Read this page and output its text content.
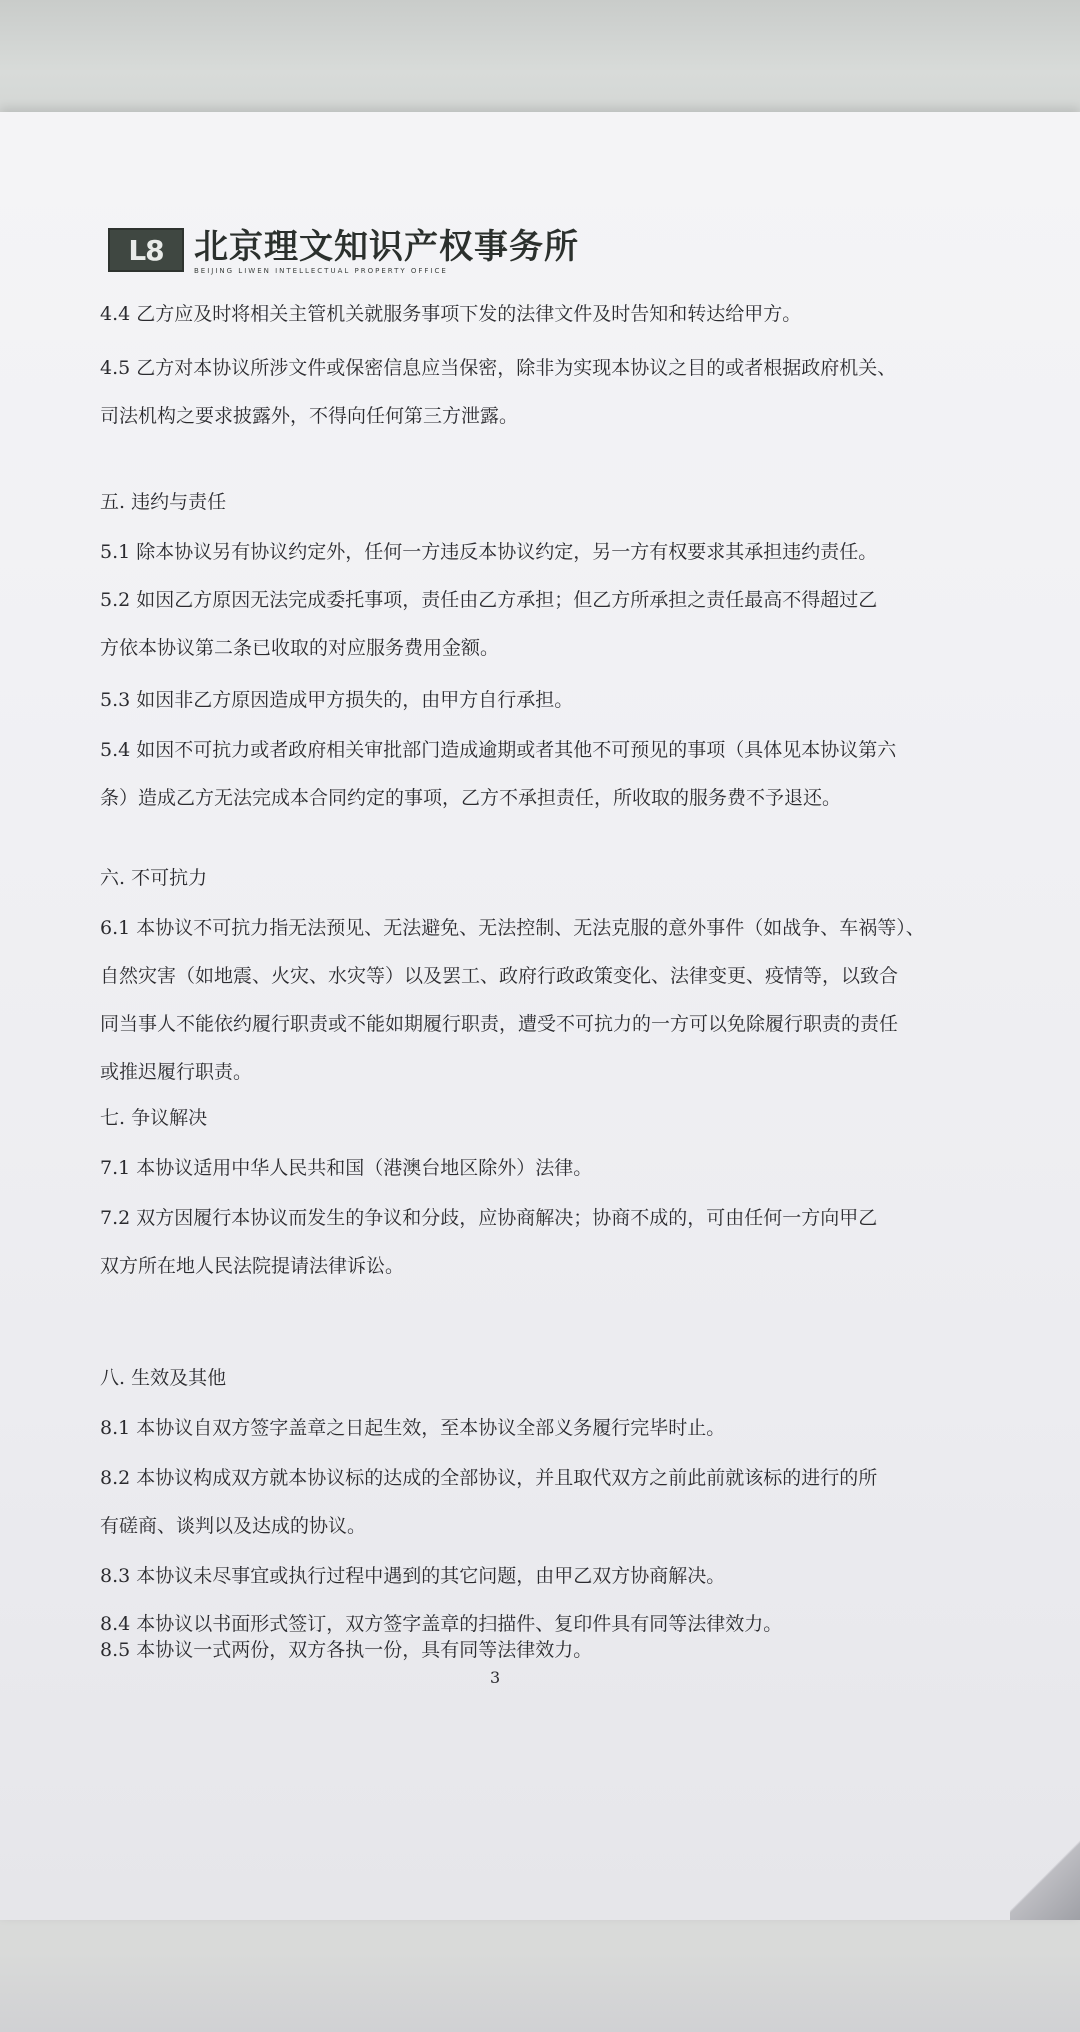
L8 北京理文知识产权事务所
BEIJING LIWEN INTELLECTUAL PROPERTY OFFICE
4.4 乙方应及时将相关主管机关就服务事项下发的法律文件及时告知和转达给甲方。
4.5 乙方对本协议所涉文件或保密信息应当保密，除非为实现本协议之目的或者根据政府机关、
司法机构之要求披露外，不得向任何第三方泄露。
五. 违约与责任
5.1 除本协议另有协议约定外，任何一方违反本协议约定，另一方有权要求其承担违约责任。
5.2 如因乙方原因无法完成委托事项，责任由乙方承担；但乙方所承担之责任最高不得超过乙
方依本协议第二条已收取的对应服务费用金额。
5.3 如因非乙方原因造成甲方损失的，由甲方自行承担。
5.4 如因不可抗力或者政府相关审批部门造成逾期或者其他不可预见的事项（具体见本协议第六
条）造成乙方无法完成本合同约定的事项，乙方不承担责任，所收取的服务费不予退还。
六. 不可抗力
6.1 本协议不可抗力指无法预见、无法避免、无法控制、无法克服的意外事件（如战争、车祸等）、
自然灾害（如地震、火灾、水灾等）以及罢工、政府行政政策变化、法律变更、疫情等，以致合
同当事人不能依约履行职责或不能如期履行职责，遭受不可抗力的一方可以免除履行职责的责任
或推迟履行职责。
七. 争议解决
7.1 本协议适用中华人民共和国（港澳台地区除外）法律。
7.2 双方因履行本协议而发生的争议和分歧，应协商解决；协商不成的，可由任何一方向甲乙
双方所在地人民法院提请法律诉讼。
八. 生效及其他
8.1 本协议自双方签字盖章之日起生效，至本协议全部义务履行完毕时止。
8.2 本协议构成双方就本协议标的达成的全部协议，并且取代双方之前此前就该标的进行的所
有磋商、谈判以及达成的协议。
8.3 本协议未尽事宜或执行过程中遇到的其它问题，由甲乙双方协商解决。
8.4 本协议以书面形式签订，双方签字盖章的扫描件、复印件具有同等法律效力。
8.5 本协议一式两份，双方各执一份，具有同等法律效力。
3
